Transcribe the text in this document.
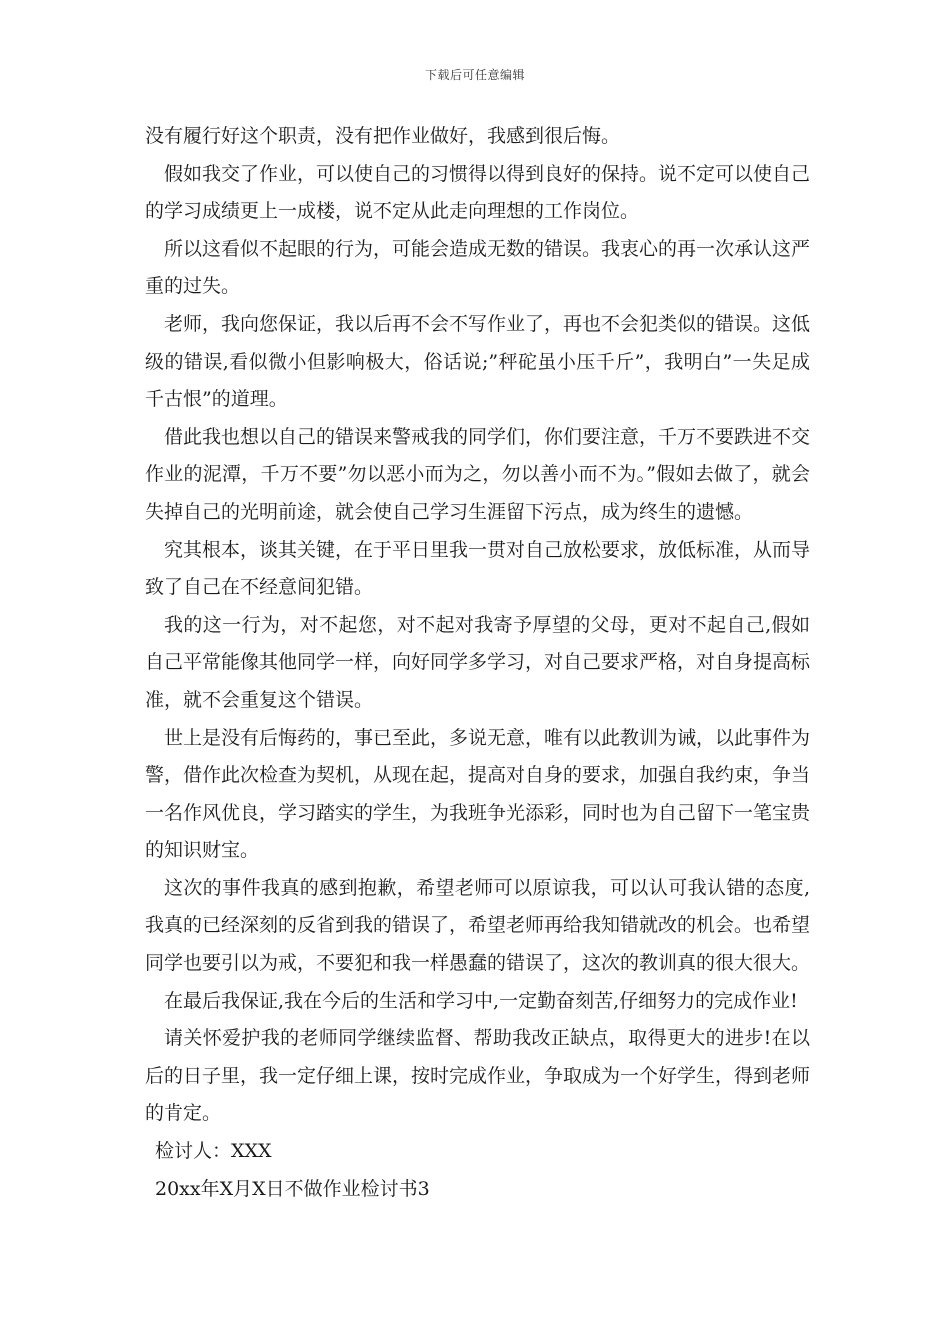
下载后可任意编辑

没有履行好这个职责，没有把作业做好，我感到很后悔。

假如我交了作业，可以使自己的习惯得以得到良好的保持。说不定可以使自己的学习成绩更上一成楼，说不定从此走向理想的工作岗位。

所以这看似不起眼的行为，可能会造成无数的错误。我衷心的再一次承认这严重的过失。

老师，我向您保证，我以后再不会不写作业了，再也不会犯类似的错误。这低级的错误,看似微小但影响极大，俗话说;”秤砣虽小压千斤”，我明白”一失足成千古恨”的道理。

借此我也想以自己的错误来警戒我的同学们，你们要注意，千万不要跌进不交作业的泥潭，千万不要”勿以恶小而为之，勿以善小而不为。”假如去做了，就会失掉自己的光明前途，就会使自己学习生涯留下污点，成为终生的遗憾。

究其根本，谈其关键，在于平日里我一贯对自己放松要求，放低标准，从而导致了自己在不经意间犯错。

我的这一行为，对不起您，对不起对我寄予厚望的父母，更对不起自己,假如自己平常能像其他同学一样，向好同学多学习，对自己要求严格，对自身提高标准，就不会重复这个错误。

世上是没有后悔药的，事已至此，多说无意，唯有以此教训为诫，以此事件为警，借作此次检查为契机，从现在起，提高对自身的要求，加强自我约束，争当一名作风优良，学习踏实的学生，为我班争光添彩，同时也为自己留下一笔宝贵的知识财宝。

这次的事件我真的感到抱歉，希望老师可以原谅我，可以认可我认错的态度,我真的已经深刻的反省到我的错误了，希望老师再给我知错就改的机会。也希望同学也要引以为戒，不要犯和我一样愚蠢的错误了，这次的教训真的很大很大。

在最后我保证,我在今后的生活和学习中,一定勤奋刻苦,仔细努力的完成作业!

请关怀爱护我的老师同学继续监督、帮助我改正缺点，取得更大的进步!在以后的日子里，我一定仔细上课，按时完成作业，争取成为一个好学生，得到老师的肯定。

检讨人：XXX

20xx年X月X日不做作业检讨书3
